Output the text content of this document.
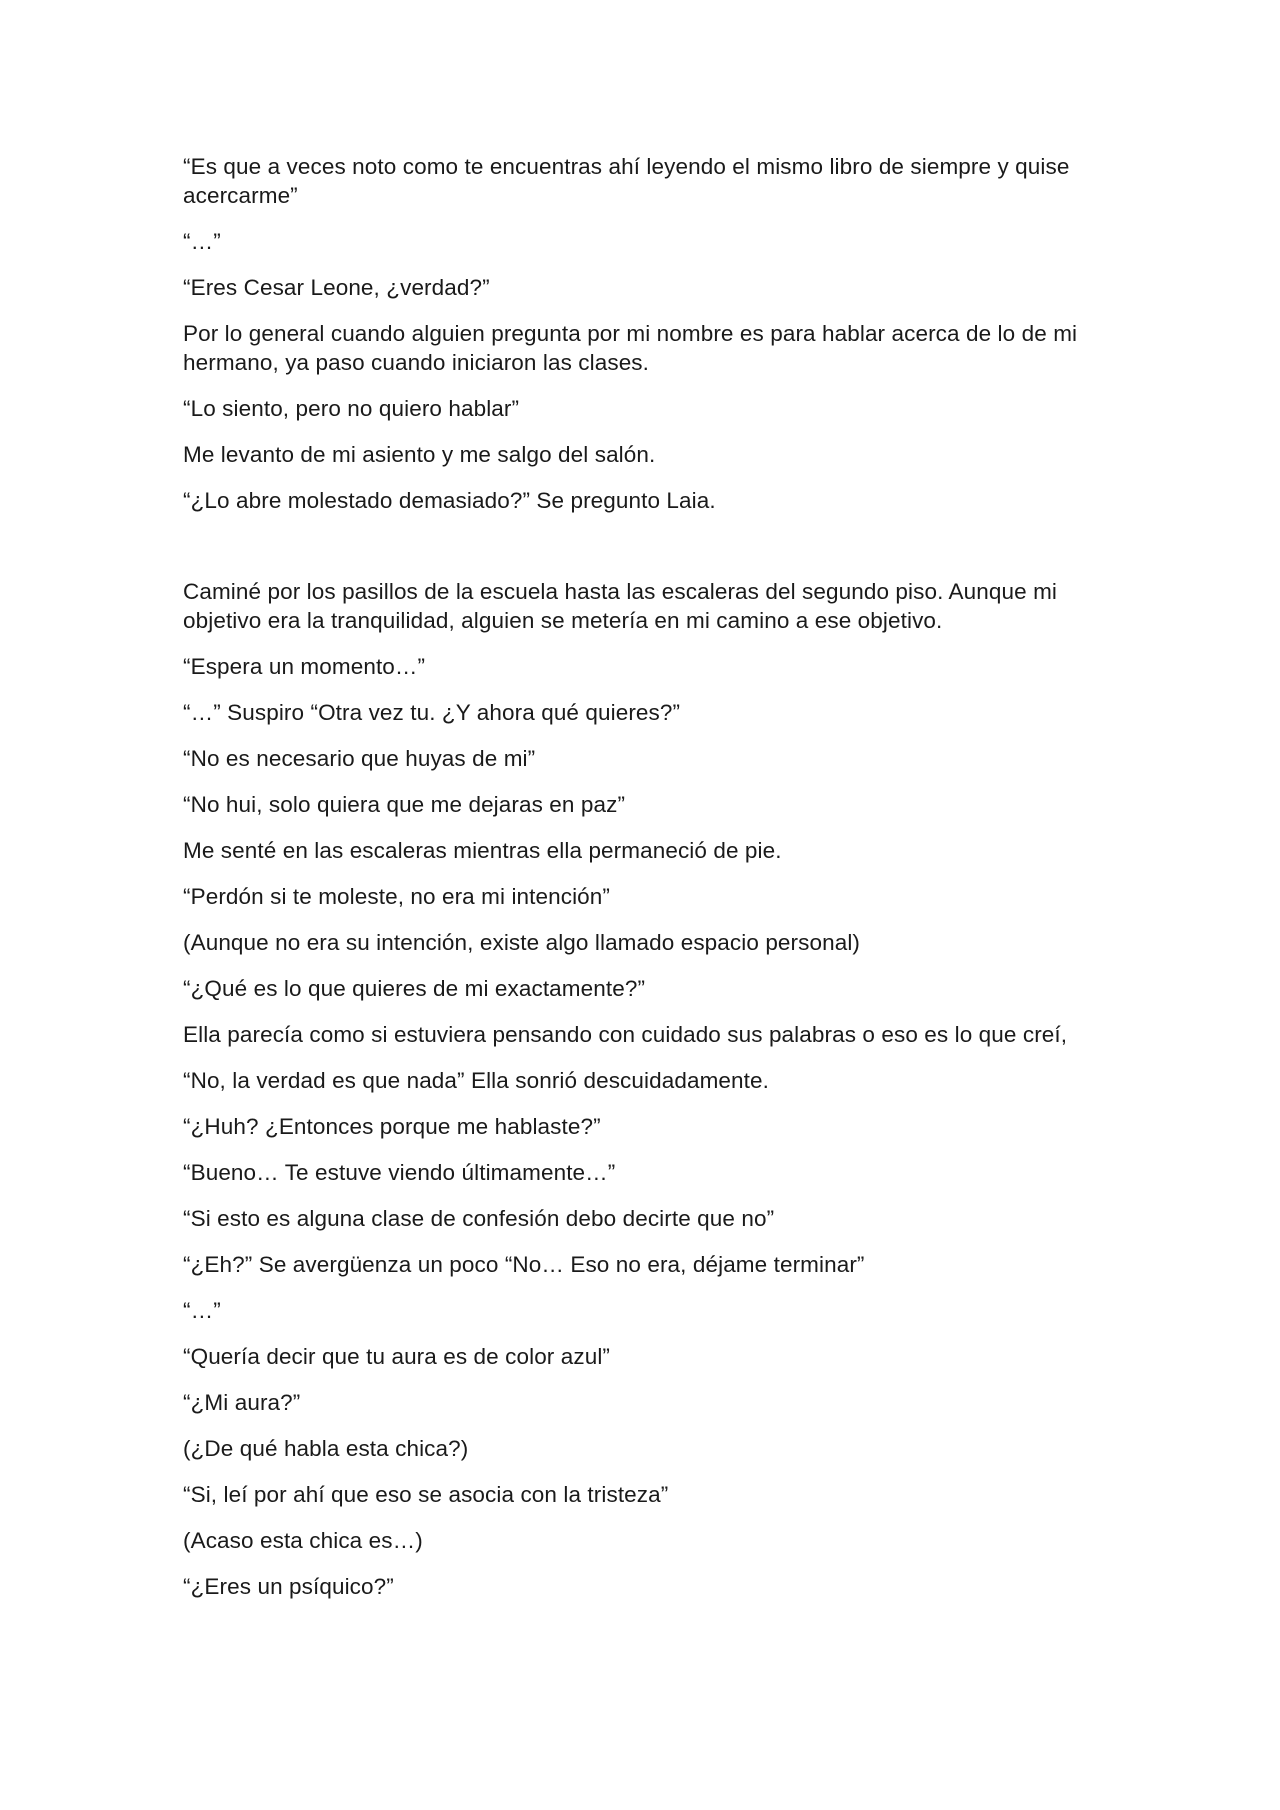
“Es que a veces noto como te encuentras ahí leyendo el mismo libro de siempre y quise acercarme”

“…”

“Eres Cesar Leone, ¿verdad?”

Por lo general cuando alguien pregunta por mi nombre es para hablar acerca de lo de mi hermano, ya paso cuando iniciaron las clases.

“Lo siento, pero no quiero hablar”

Me levanto de mi asiento y me salgo del salón.

“¿Lo abre molestado demasiado?” Se pregunto Laia.

Caminé por los pasillos de la escuela hasta las escaleras del segundo piso. Aunque mi objetivo era la tranquilidad, alguien se metería en mi camino a ese objetivo.

“Espera un momento…”

“…” Suspiro “Otra vez tu. ¿Y ahora qué quieres?”

“No es necesario que huyas de mi”

“No hui, solo quiera que me dejaras en paz”

Me senté en las escaleras mientras ella permaneció de pie.

“Perdón si te moleste, no era mi intención”

(Aunque no era su intención, existe algo llamado espacio personal)

“¿Qué es lo que quieres de mi exactamente?”

Ella parecía como si estuviera pensando con cuidado sus palabras o eso es lo que creí,

“No, la verdad es que nada” Ella sonrió descuidadamente.

“¿Huh? ¿Entonces porque me hablaste?”

“Bueno… Te estuve viendo últimamente…”

“Si esto es alguna clase de confesión debo decirte que no”

“¿Eh?” Se avergüenza un poco “No… Eso no era, déjame terminar”

“…”

“Quería decir que tu aura es de color azul”

“¿Mi aura?”

(¿De qué habla esta chica?)

“Si, leí por ahí que eso se asocia con la tristeza”

(Acaso esta chica es…)

“¿Eres un psíquico?”
